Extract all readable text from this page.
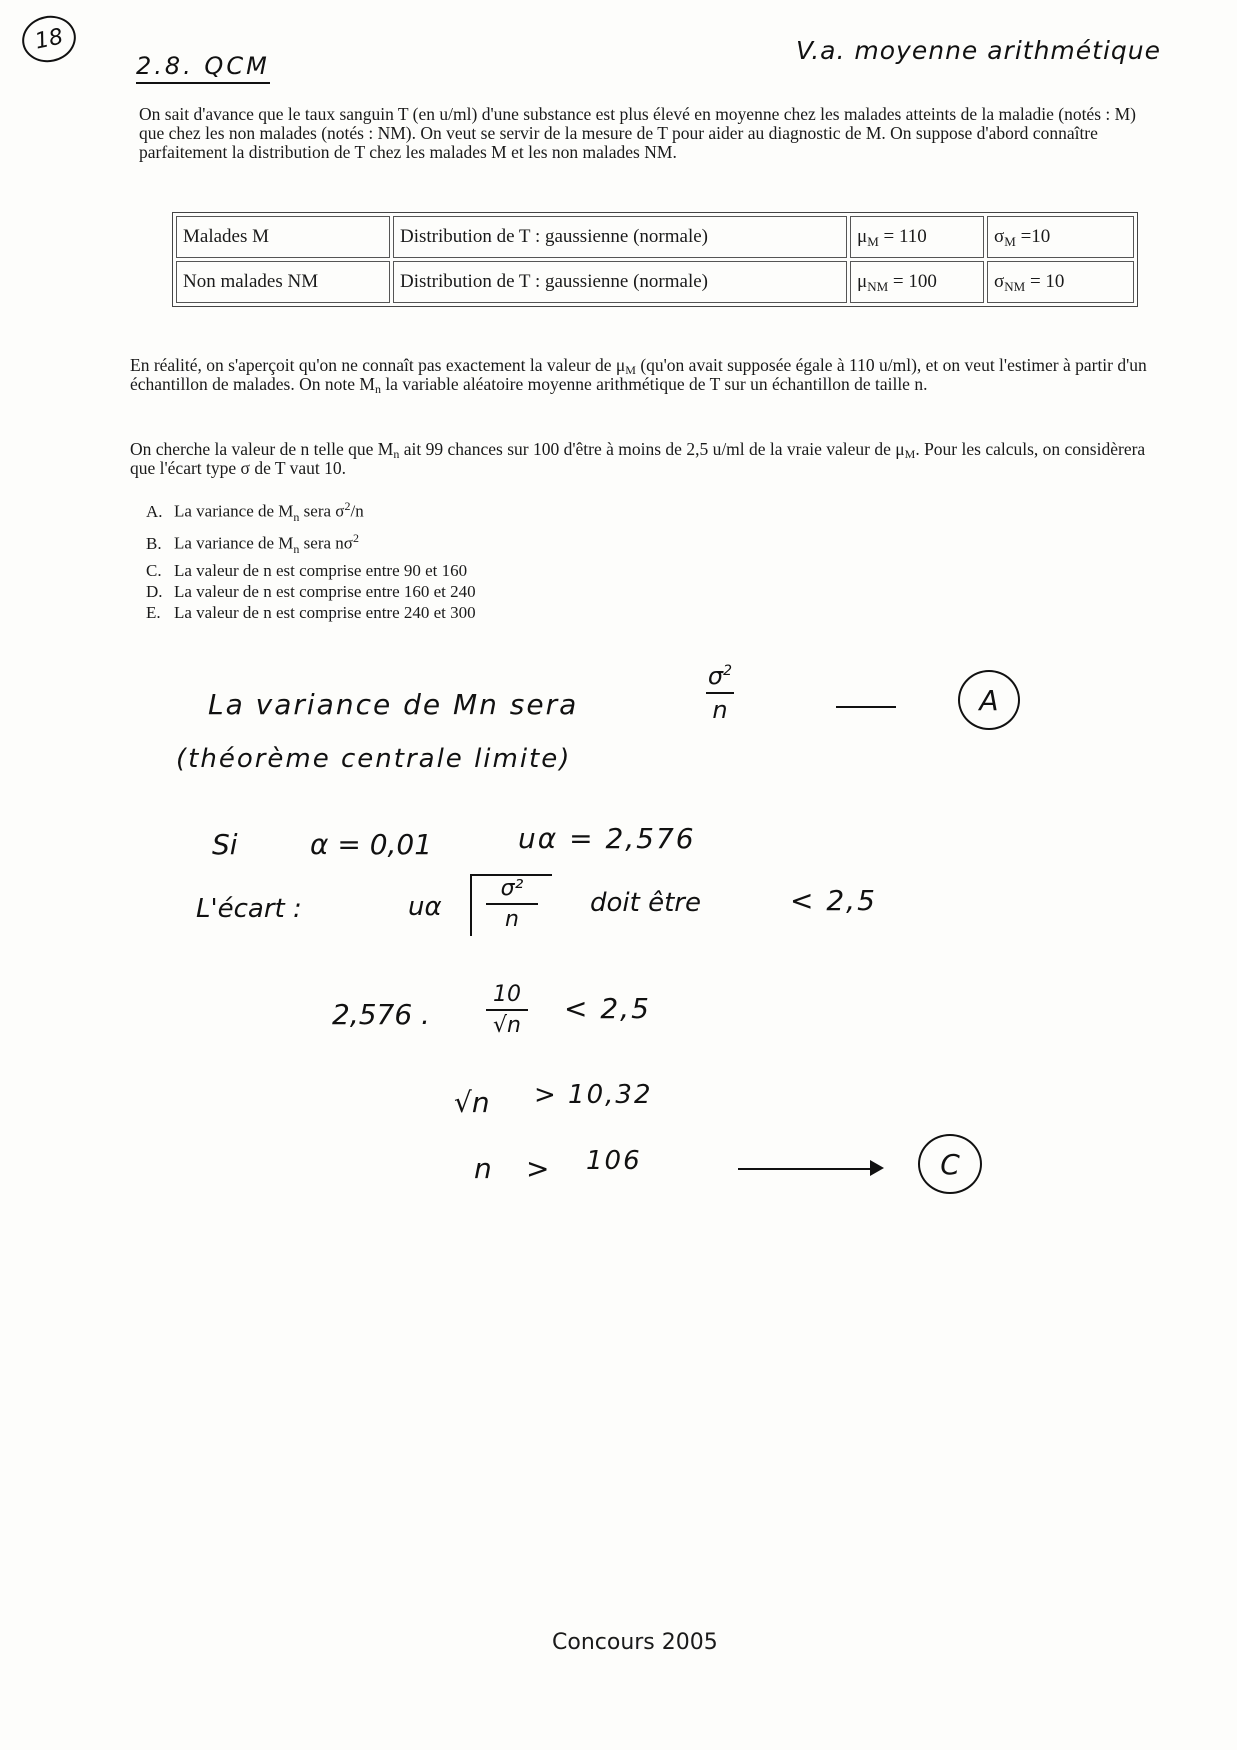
18
2.8. QCM
V.a. moyenne arithmétique
On sait d'avance que le taux sanguin T (en u/ml) d'une substance est plus élevé en moyenne chez les malades atteints de la maladie (notés : M) que chez les non malades (notés : NM). On veut se servir de la mesure de T pour aider au diagnostic de M. On suppose d'abord connaître parfaitement la distribution de T chez les malades M et les non malades NM.
Malades M	Distribution de T : gaussienne (normale)	$\mu_M = 110$	$\sigma_M =10$
Non malades NM	Distribution de T : gaussienne (normale)	$\mu_{NM} = 100$	$\sigma_{NM} = 10$
En réalité, on s'aperçoit qu'on ne connaît pas exactement la valeur de $\mu_M$ (qu'on avait supposée égale à 110 u/ml), et on veut l'estimer à partir d'un échantillon de malades. On note $M_n$ la variable aléatoire moyenne arithmétique de T sur un échantillon de taille n.
On cherche la valeur de n telle que $M_n$ ait 99 chances sur 100 d'être à moins de 2,5 u/ml de la vraie valeur de $\mu_M$. Pour les calculs, on considèrera que l'écart type σ de T vaut 10.
A. La variance de $M_n$ sera $\sigma^2/n$
B. La variance de $M_n$ sera $n\sigma^2$
C. La valeur de n est comprise entre 90 et 160
D. La valeur de n est comprise entre 160 et 240
E. La valeur de n est comprise entre 240 et 300
La variance de Mn sera
$\sigma^2$
n	A
(théorème centrale limite)
Si	α = 0,01	uα = 2,576
L'écart :	uα
σ²
n
doit être	< 2,5
2,576 .
10
√n
< 2,5
√n > 10,32
n > 106	C
Concours 2005
